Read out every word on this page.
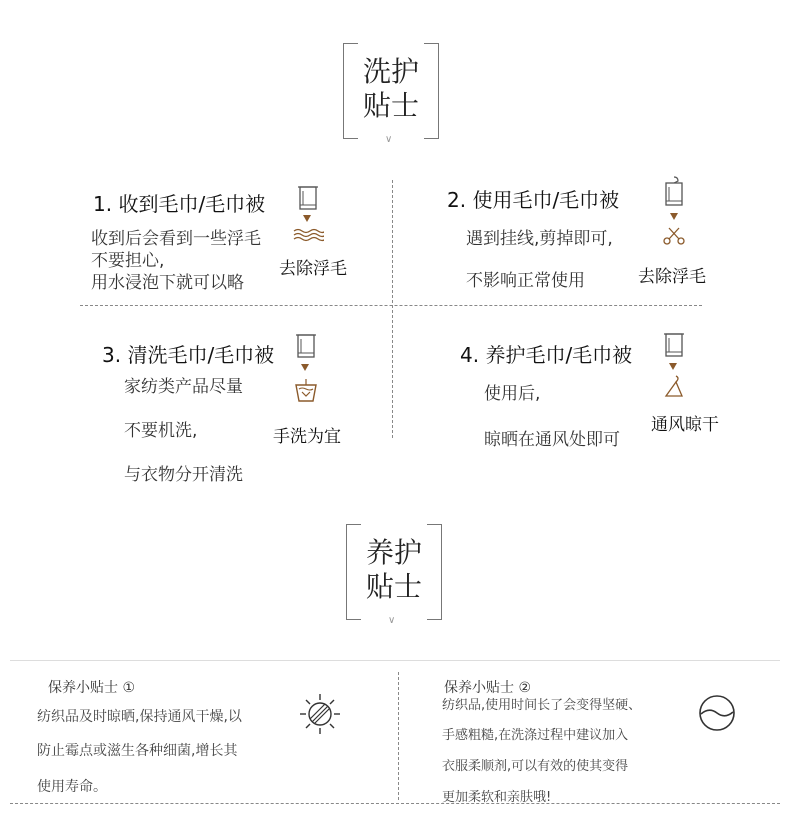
洗护
贴士
∨
1. 收到毛巾/毛巾被
收到后会看到一些浮毛
不要担心,
用水浸泡下就可以略
去除浮毛
2. 使用毛巾/毛巾被
遇到挂线,剪掉即可,
不影响正常使用	去除浮毛
3. 清洗毛巾/毛巾被
家纺类产品尽量
不要机洗,
与衣物分开清洗
手洗为宜
4. 养护毛巾/毛巾被
使用后,
晾晒在通风处即可
通风晾干
养护
贴士
∨
保养小贴士 ①
纺织品及时晾晒,保持通风干燥,以
防止霉点或滋生各种细菌,增长其
使用寿命。
保养小贴士 ②
纺织品,使用时间长了会变得坚硬、
手感粗糙,在洗涤过程中建议加入
衣服柔顺剂,可以有效的使其变得
更加柔软和亲肤哦!
